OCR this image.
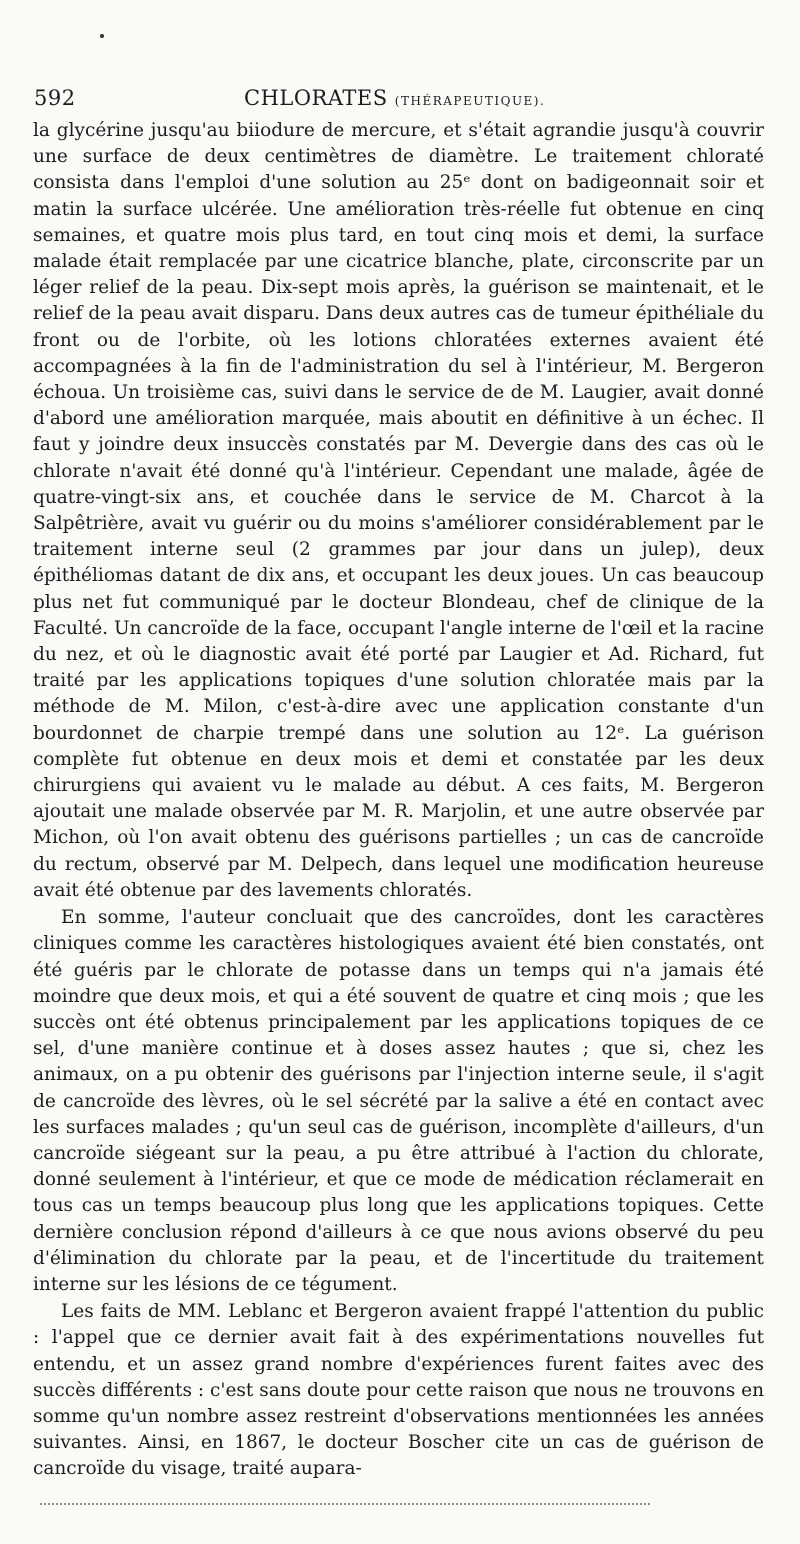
592	CHLORATES (THÉRAPEUTIQUE).

la glycérine jusqu'au biiodure de mercure, et s'était agrandie jusqu'à couvrir une surface de deux centimètres de diamètre. Le traitement chloraté consista dans l'emploi d'une solution au 25ᵉ dont on badigeonnait soir et matin la surface ulcérée. Une amélioration très-réelle fut obtenue en cinq semaines, et quatre mois plus tard, en tout cinq mois et demi, la surface malade était remplacée par une cicatrice blanche, plate, circonscrite par un léger relief de la peau. Dix-sept mois après, la guérison se maintenait, et le relief de la peau avait disparu. Dans deux autres cas de tumeur épithéliale du front ou de l'orbite, où les lotions chloratées externes avaient été accompagnées à la fin de l'administration du sel à l'intérieur, M. Bergeron échoua. Un troisième cas, suivi dans le service de de M. Laugier, avait donné d'abord une amélioration marquée, mais aboutit en définitive à un échec. Il faut y joindre deux insuccès constatés par M. Devergie dans des cas où le chlorate n'avait été donné qu'à l'intérieur. Cependant une malade, âgée de quatre-vingt-six ans, et couchée dans le service de M. Charcot à la Salpêtrière, avait vu guérir ou du moins s'améliorer considérablement par le traitement interne seul (2 grammes par jour dans un julep), deux épithéliomas datant de dix ans, et occupant les deux joues. Un cas beaucoup plus net fut communiqué par le docteur Blondeau, chef de clinique de la Faculté. Un cancroïde de la face, occupant l'angle interne de l'œil et la racine du nez, et où le diagnostic avait été porté par Laugier et Ad. Richard, fut traité par les applications topiques d'une solution chloratée mais par la méthode de M. Milon, c'est-à-dire avec une application constante d'un bourdonnet de charpie trempé dans une solution au 12ᵉ. La guérison complète fut obtenue en deux mois et demi et constatée par les deux chirurgiens qui avaient vu le malade au début. A ces faits, M. Bergeron ajoutait une malade observée par M. R. Marjolin, et une autre observée par Michon, où l'on avait obtenu des guérisons partielles ; un cas de cancroïde du rectum, observé par M. Delpech, dans lequel une modification heureuse avait été obtenue par des lavements chloratés.

En somme, l'auteur concluait que des cancroïdes, dont les caractères cliniques comme les caractères histologiques avaient été bien constatés, ont été guéris par le chlorate de potasse dans un temps qui n'a jamais été moindre que deux mois, et qui a été souvent de quatre et cinq mois ; que les succès ont été obtenus principalement par les applications topiques de ce sel, d'une manière continue et à doses assez hautes ; que si, chez les animaux, on a pu obtenir des guérisons par l'injection interne seule, il s'agit de cancroïde des lèvres, où le sel sécrété par la salive a été en contact avec les surfaces malades ; qu'un seul cas de guérison, incomplète d'ailleurs, d'un cancroïde siégeant sur la peau, a pu être attribué à l'action du chlorate, donné seulement à l'intérieur, et que ce mode de médication réclamerait en tous cas un temps beaucoup plus long que les applications topiques. Cette dernière conclusion répond d'ailleurs à ce que nous avions observé du peu d'élimination du chlorate par la peau, et de l'incertitude du traitement interne sur les lésions de ce tégument.

Les faits de MM. Leblanc et Bergeron avaient frappé l'attention du public : l'appel que ce dernier avait fait à des expérimentations nouvelles fut entendu, et un assez grand nombre d'expériences furent faites avec des succès différents : c'est sans doute pour cette raison que nous ne trouvons en somme qu'un nombre assez restreint d'observations mentionnées les années suivantes. Ainsi, en 1867, le docteur Boscher cite un cas de guérison de cancroïde du visage, traité aupara-
